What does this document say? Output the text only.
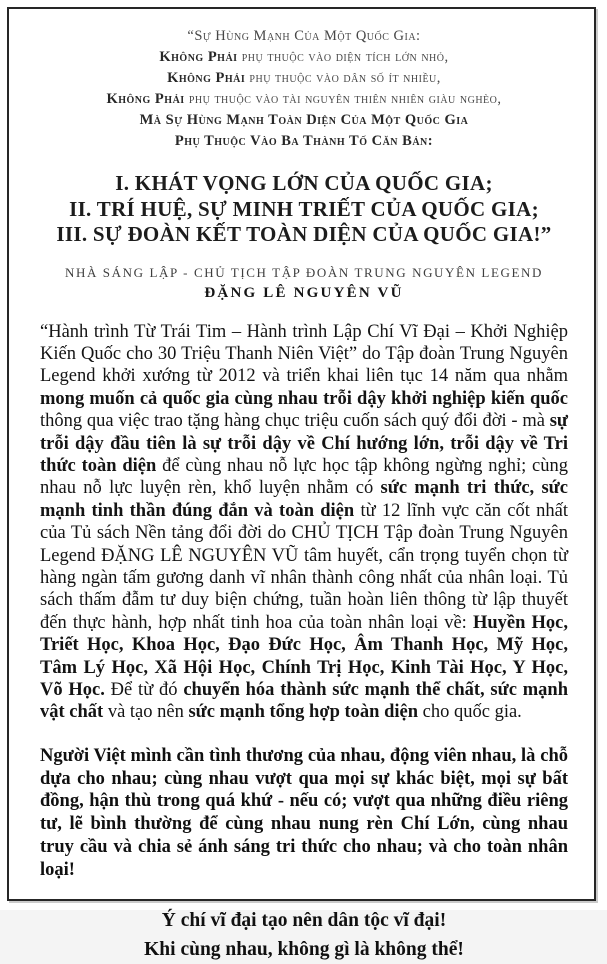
“Sự Hùng Mạnh Của Một Quốc Gia:
Không Phải phụ thuộc vào diện tích lớn nhỏ,
Không Phải phụ thuộc vào dân số ít nhiều,
Không Phải phụ thuộc vào tài nguyên thiên nhiên giàu nghèo,
Mà Sự Hùng Mạnh Toàn Diện Của Một Quốc Gia
Phụ Thuộc Vào Ba Thành Tố Căn Bản:
I. KHÁT VỌNG LỚN CỦA QUỐC GIA;
II. TRÍ HUỆ, SỰ MINH TRIẾT CỦA QUỐC GIA;
III. SỰ ĐOÀN KẾT TOÀN DIỆN CỦA QUỐC GIA!”
NHÀ SÁNG LẬP - CHỦ TỊCH TẬP ĐOÀN TRUNG NGUYÊN LEGEND
ĐẶNG LÊ NGUYÊN VŨ

“Hành trình Từ Trái Tim – Hành trình Lập Chí Vĩ Đại – Khởi Nghiệp Kiến Quốc cho 30 Triệu Thanh Niên Việt” do Tập đoàn Trung Nguyên Legend khởi xướng từ 2012 và triển khai liên tục 14 năm qua nhằm mong muốn cả quốc gia cùng nhau trỗi dậy khởi nghiệp kiến quốc thông qua việc trao tặng hàng chục triệu cuốn sách quý đổi đời - mà sự trỗi dậy đầu tiên là sự trỗi dậy về Chí hướng lớn, trỗi dậy về Tri thức toàn diện để cùng nhau nỗ lực học tập không ngừng nghỉ; cùng nhau nỗ lực luyện rèn, khổ luyện nhằm có sức mạnh tri thức, sức mạnh tinh thần đúng đắn và toàn diện từ 12 lĩnh vực căn cốt nhất của Tủ sách Nền tảng đổi đời do CHỦ TỊCH Tập đoàn Trung Nguyên Legend ĐẶNG LÊ NGUYÊN VŨ tâm huyết, cẩn trọng tuyển chọn từ hàng ngàn tấm gương danh vĩ nhân thành công nhất của nhân loại. Tủ sách thấm đẫm tư duy biện chứng, tuần hoàn liên thông từ lập thuyết đến thực hành, hợp nhất tinh hoa của toàn nhân loại về: Huyền Học, Triết Học, Khoa Học, Đạo Đức Học, Âm Thanh Học, Mỹ Học, Tâm Lý Học, Xã Hội Học, Chính Trị Học, Kinh Tài Học, Y Học, Võ Học. Để từ đó chuyển hóa thành sức mạnh thể chất, sức mạnh vật chất và tạo nên sức mạnh tổng hợp toàn diện cho quốc gia.

Người Việt mình cần tình thương của nhau, động viên nhau, là chỗ dựa cho nhau; cùng nhau vượt qua mọi sự khác biệt, mọi sự bất đồng, hận thù trong quá khứ - nếu có; vượt qua những điều riêng tư, lẽ bình thường để cùng nhau nung rèn Chí Lớn, cùng nhau truy cầu và chia sẻ ánh sáng tri thức cho nhau; và cho toàn nhân loại!

Ý chí vĩ đại tạo nên dân tộc vĩ đại!
Khi cùng nhau, không gì là không thể!
